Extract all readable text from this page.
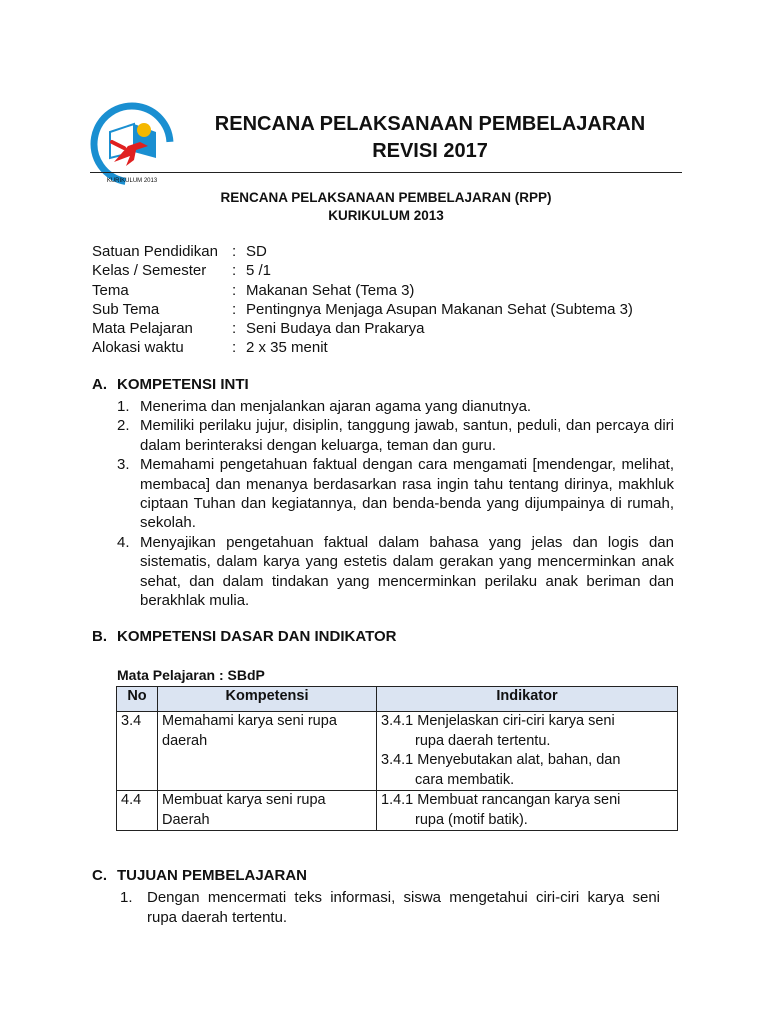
KURIKULUM 2013
RENCANA PELAKSANAAN PEMBELAJARAN
REVISI 2017
RENCANA PELAKSANAAN PEMBELAJARAN (RPP)
KURIKULUM 2013
Satuan Pendidikan : SD
Kelas / Semester	: 5 /1
Tema	: Makanan Sehat (Tema 3)
Sub Tema	: Pentingnya Menjaga Asupan Makanan Sehat (Subtema 3)
Mata Pelajaran	: Seni Budaya dan Prakarya
Alokasi waktu	: 2 x 35 menit
A. KOMPETENSI INTI
1. Menerima dan menjalankan ajaran agama yang dianutnya.
2. Memiliki perilaku jujur, disiplin, tanggung jawab, santun, peduli, dan percaya diri dalam berinteraksi dengan keluarga, teman dan guru.
3. Memahami pengetahuan faktual dengan cara mengamati [mendengar, melihat, membaca] dan menanya berdasarkan rasa ingin tahu tentang dirinya, makhluk ciptaan Tuhan dan kegiatannya, dan benda-benda yang dijumpainya di rumah, sekolah.
4. Menyajikan pengetahuan faktual dalam bahasa yang jelas dan logis dan sistematis, dalam karya yang estetis dalam gerakan yang mencerminkan anak sehat, dan dalam tindakan yang mencerminkan perilaku anak beriman dan berakhlak mulia.
B. KOMPETENSI DASAR DAN INDIKATOR
Mata Pelajaran : SBdP
No	Kompetensi	Indikator
3.4	Memahami karya seni rupa daerah	3.4.1 Menjelaskan ciri-ciri karya seni
rupa daerah tertentu.
3.4.1 Menyebutakan alat, bahan, dan
cara membatik.

4.4	Membuat karya seni rupa Daerah	1.4.1 Membuat rancangan karya seni
rupa (motif batik).
C. TUJUAN PEMBELAJARAN
1. Dengan mencermati teks informasi, siswa mengetahui ciri-ciri karya seni rupa daerah tertentu.
